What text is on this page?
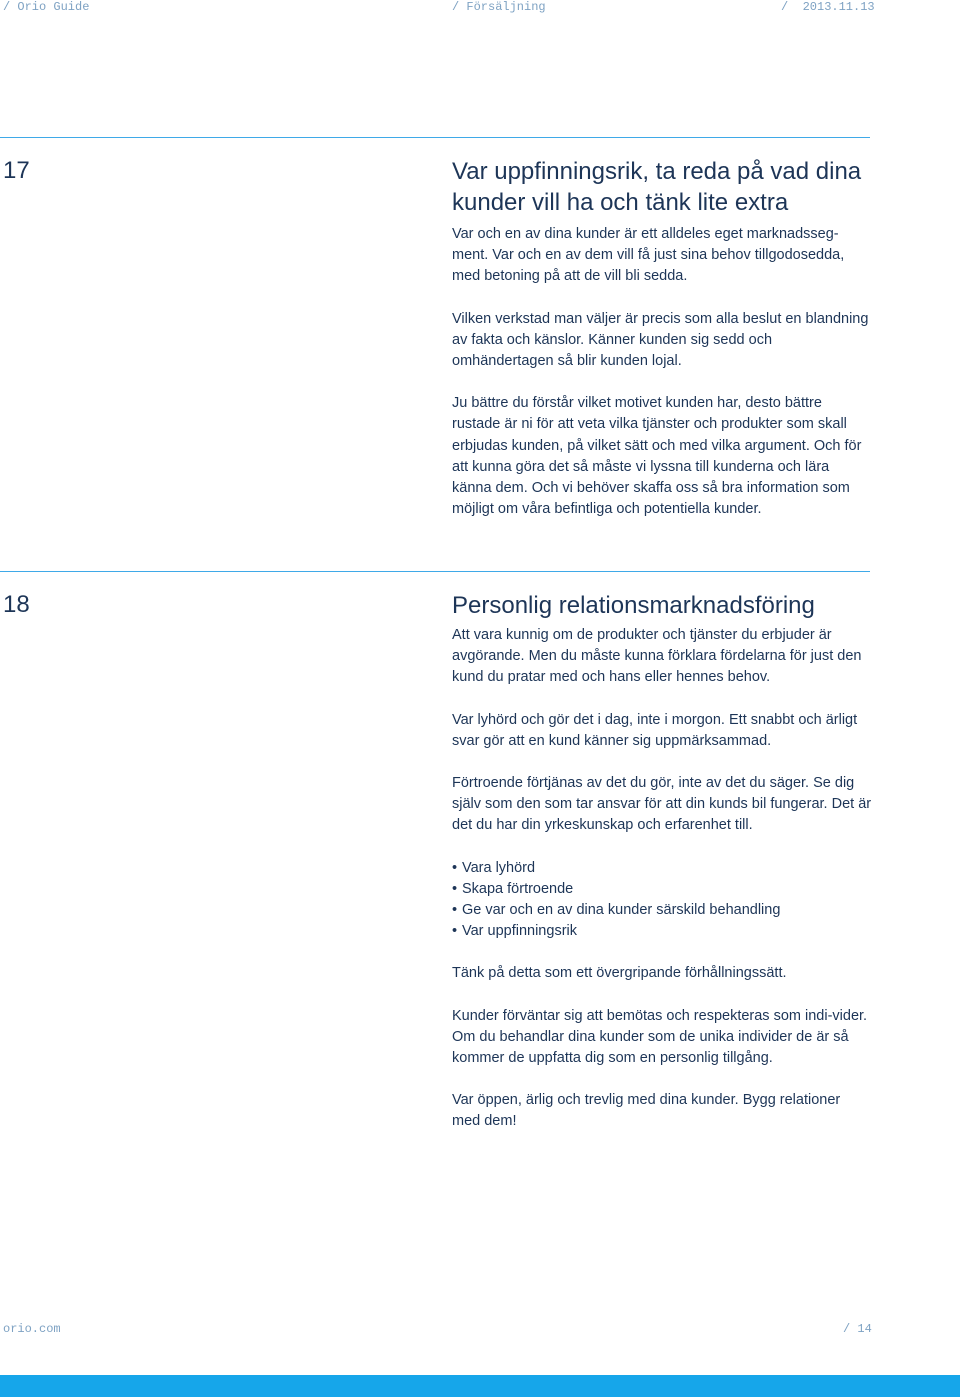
/ Orio Guide	/ Försäljning	/  2013.11.13
17	Var uppfinningsrik, ta reda på vad dina kunder vill ha och tänk lite extra

Var och en av dina kunder är ett alldeles eget marknadsseg-ment. Var och en av dem vill få just sina behov tillgodosedda, med betoning på att de vill bli sedda.

Vilken verkstad man väljer är precis som alla beslut en blandning av fakta och känslor. Känner kunden sig sedd och omhändertagen så blir kunden lojal.

Ju bättre du förstår vilket motivet kunden har, desto bättre rustade är ni för att veta vilka tjänster och produkter som skall erbjudas kunden, på vilket sätt och med vilka argument. Och för att kunna göra det så måste vi lyssna till kunderna och lära känna dem. Och vi behöver skaffa oss så bra information som möjligt om våra befintliga och potentiella kunder.

18	Personlig relationsmarknadsföring

Att vara kunnig om de produkter och tjänster du erbjuder är avgörande. Men du måste kunna förklara fördelarna för just den kund du pratar med och hans eller hennes behov.

Var lyhörd och gör det i dag, inte i morgon. Ett snabbt och ärligt svar gör att en kund känner sig uppmärksammad.

Förtroende förtjänas av det du gör, inte av det du säger. Se dig själv som den som tar ansvar för att din kunds bil fungerar. Det är det du har din yrkeskunskap och erfarenhet till.

• Vara lyhörd
• Skapa förtroende
• Ge var och en av dina kunder särskild behandling
• Var uppfinningsrik

Tänk på detta som ett övergripande förhållningssätt.

Kunder förväntar sig att bemötas och respekteras som indi-vider. Om du behandlar dina kunder som de unika individer de är så kommer de uppfatta dig som en personlig tillgång.

Var öppen, ärlig och trevlig med dina kunder. Bygg relationer med dem!

orio.com	/ 14
